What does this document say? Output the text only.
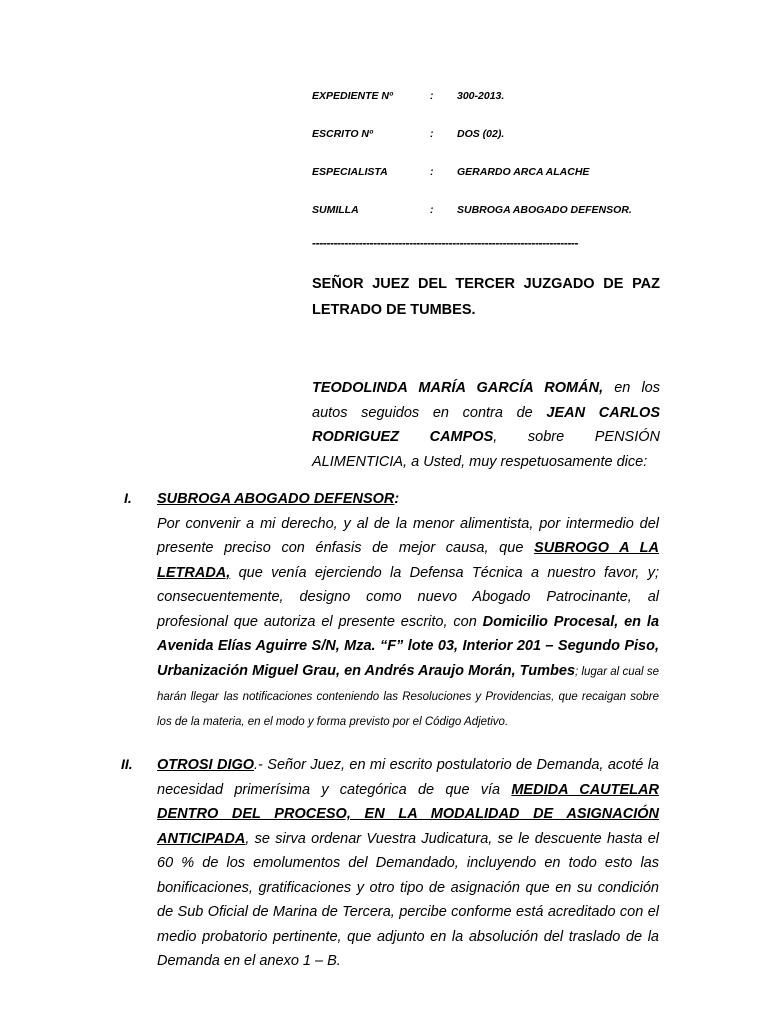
EXPEDIENTE Nº	: 300-2013.
ESCRITO Nº	: DOS (02).
ESPECIALISTA	: GERARDO ARCA ALACHE
SUMILLA	: SUBROGA ABOGADO DEFENSOR.
--------------------------------------------------------------------------
SEÑOR JUEZ DEL TERCER JUZGADO DE PAZ LETRADO DE TUMBES.
TEODOLINDA MARÍA GARCÍA ROMÁN, en los autos seguidos en contra de JEAN CARLOS RODRIGUEZ CAMPOS, sobre PENSIÓN ALIMENTICIA, a Usted, muy respetuosamente dice:
I. SUBROGA ABOGADO DEFENSOR:
Por convenir a mi derecho, y al de la menor alimentista, por intermedio del presente preciso con énfasis de mejor causa, que SUBROGO A LA LETRADA, que venía ejerciendo la Defensa Técnica a nuestro favor, y; consecuentemente, designo como nuevo Abogado Patrocinante, al profesional que autoriza el presente escrito, con Domicilio Procesal, en la Avenida Elías Aguirre S/N, Mza. “F” lote 03, Interior 201 – Segundo Piso, Urbanización Miguel Grau, en Andrés Araujo Morán, Tumbes; lugar al cual se harán llegar las notificaciones conteniendo las Resoluciones y Providencias, que recaigan sobre los de la materia, en el modo y forma previsto por el Código Adjetivo.
II. OTROSI DIGO.- Señor Juez, en mi escrito postulatorio de Demanda, acoté la necesidad primerísima y categórica de que vía MEDIDA CAUTELAR DENTRO DEL PROCESO, EN LA MODALIDAD DE ASIGNACIÓN ANTICIPADA, se sirva ordenar Vuestra Judicatura, se le descuente hasta el 60 % de los emolumentos del Demandado, incluyendo en todo esto las bonificaciones, gratificaciones y otro tipo de asignación que en su condición de Sub Oficial de Marina de Tercera, percibe conforme está acreditado con el medio probatorio pertinente, que adjunto en la absolución del traslado de la Demanda en el anexo 1 – B.
